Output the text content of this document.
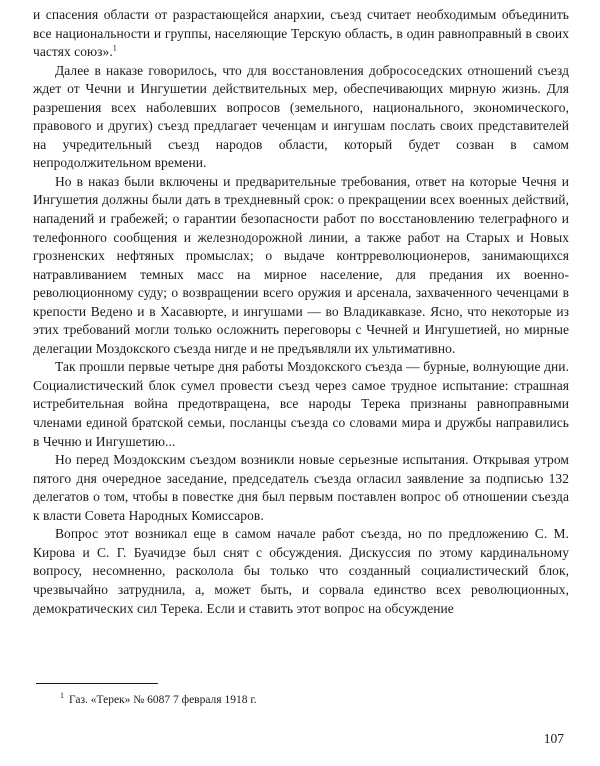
и спасения области от разрастающейся анархии, съезд считает необходимым объединить все национальности и группы, населяющие Терскую область, в один равноправный в своих частях союз».$^1$

Далее в наказе говорилось, что для восстановления добрососедских отношений съезд ждет от Чечни и Ингушетии действительных мер, обеспечивающих мирную жизнь. Для разрешения всех наболевших вопросов (земельного, национального, экономического, правового и других) съезд предлагает чеченцам и ингушам послать своих представителей на учредительный съезд народов области, который будет созван в самом непродолжительном времени.

Но в наказ были включены и предварительные требования, ответ на которые Чечня и Ингушетия должны были дать в трехдневный срок: о прекращении всех военных действий, нападений и грабежей; о гарантии безопасности работ по восстановлению телеграфного и телефонного сообщения и железнодорожной линии, а также работ на Старых и Новых грозненских нефтяных промыслах; о выдаче контрреволюционеров, занимающихся натравливанием темных масс на мирное население, для предания их военно-революционному суду; о возвращении всего оружия и арсенала, захваченного чеченцами в крепости Ведено и в Хасавюрте, и ингушами — во Владикавказе. Ясно, что некоторые из этих требований могли только осложнить переговоры с Чечней и Ингушетией, но мирные делегации Моздокского съезда нигде и не предъявляли их ультимативно.

Так прошли первые четыре дня работы Моздокского съезда — бурные, волнующие дни. Социалистический блок сумел провести съезд через самое трудное испытание: страшная истребительная война предотвращена, все народы Терека признаны равноправными членами единой братской семьи, посланцы съезда со словами мира и дружбы направились в Чечню и Ингушетию...

Но перед Моздокским съездом возникли новые серьезные испытания. Открывая утром пятого дня очередное заседание, председатель съезда огласил заявление за подписью 132 делегатов о том, чтобы в повестке дня был первым поставлен вопрос об отношении съезда к власти Совета Народных Комиссаров.

Вопрос этот возникал еще в самом начале работ съезда, но по предложению С. М. Кирова и С. Г. Буачидзе был снят с обсуждения. Дискуссия по этому кардинальному вопросу, несомненно, расколола бы только что созданный социалистический блок, чрезвычайно затруднила, а, может быть, и сорвала единство всех революционных, демократических сил Терека. Если и ставить этот вопрос на обсуждение

$^1$ Газ. «Терек» № 6087 7 февраля 1918 г.
107
